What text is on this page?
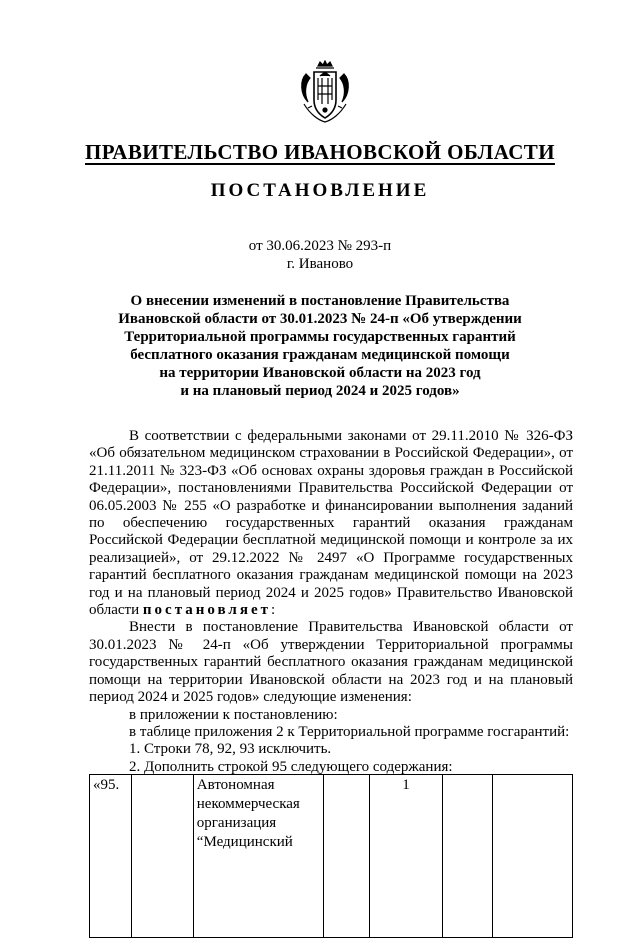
ПРАВИТЕЛЬСТВО ИВАНОВСКОЙ ОБЛАСТИ
ПОСТАНОВЛЕНИЕ
от 30.06.2023 № 293-п
г. Иваново
О внесении изменений в постановление Правительства
Ивановской области от 30.01.2023 № 24-п «Об утверждении
Территориальной программы государственных гарантий
бесплатного оказания гражданам медицинской помощи
на территории Ивановской области на 2023 год
и на плановый период 2024 и 2025 годов»

В соответствии с федеральными законами от 29.11.2010 № 326-ФЗ «Об обязательном медицинском страховании в Российской Федерации», от 21.11.2011 № 323-ФЗ «Об основах охраны здоровья граждан в Российской Федерации», постановлениями Правительства Российской Федерации от 06.05.2003 № 255 «О разработке и финансировании выполнения заданий по обеспечению государственных гарантий оказания гражданам Российской Федерации бесплатной медицинской помощи и контроле за их реализацией», от 29.12.2022 № 2497 «О Программе государственных гарантий бесплатного оказания гражданам медицинской помощи на 2023 год и на плановый период 2024 и 2025 годов» Правительство Ивановской области постановляет:

Внести в постановление Правительства Ивановской области от 30.01.2023 № 24-п «Об утверждении Территориальной программы государственных гарантий бесплатного оказания гражданам медицинской помощи на территории Ивановской области на 2023 год и на плановый период 2024 и 2025 годов» следующие изменения:

в приложении к постановлению:

в таблице приложения 2 к Территориальной программе госгарантий:

1. Строки 78, 92, 93 исключить.

2. Дополнить строкой 95 следующего содержания:

«95.		Автономная некоммерческая организация “Медицинский		1		
